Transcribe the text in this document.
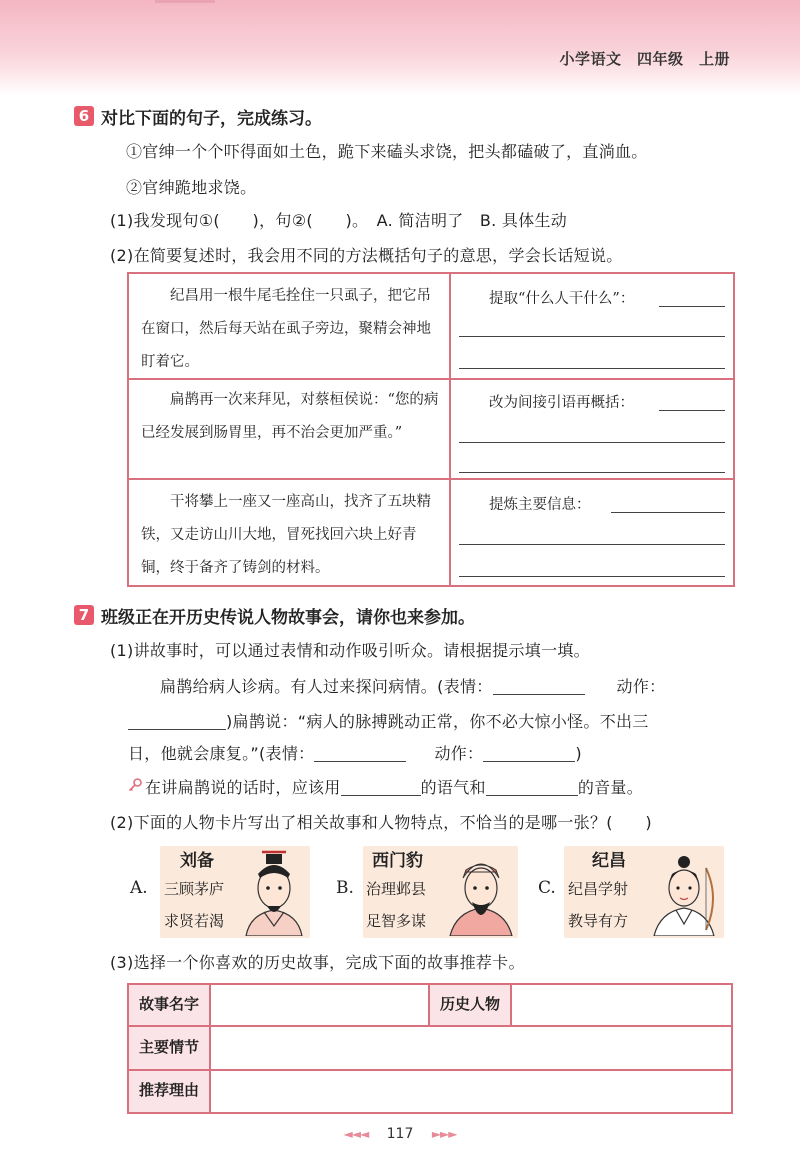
小学语文　四年级　上册
6 对比下面的句子，完成练习。
①官绅一个个吓得面如土色，跪下来磕头求饶，把头都磕破了，直淌血。
②官绅跪地求饶。
(1)我发现句①(　　)，句②(　　)。　A. 简洁明了　B. 具体生动
(2)在简要复述时，我会用不同的方法概括句子的意思，学会长话短说。
纪昌用一根牛尾毛拴住一只虱子，把它吊在窗口，然后每天站在虱子旁边，聚精会神地盯着它。
提取“什么人干什么”：
扁鹊再一次来拜见，对蔡桓侯说：“您的病已经发展到肠胃里，再不治会更加严重。”
改为间接引语再概括：
干将攀上一座又一座高山，找齐了五块精铁，又走访山川大地，冒死找回六块上好青铜，终于备齐了铸剑的材料。
提炼主要信息：
7 班级正在开历史传说人物故事会，请你也来参加。
(1)讲故事时，可以通过表情和动作吸引听众。请根据提示填一填。
扁鹊给病人诊病。有人过来探问病情。(表情：	动作：
)扁鹊说：“病人的脉搏跳动正常，你不必大惊小怪。不出三
日，他就会康复。”(表情：	动作：	)
在讲扁鹊说的话时，应该用	的语气和	的音量。
(2)下面的人物卡片写出了相关故事和人物特点，不恰当的是哪一张？(　　)
刘备
A. 三顾茅庐
求贤若渴
西门豹
B. 治理邺县
足智多谋
纪昌
C. 纪昌学射
教导有方
(3)选择一个你喜欢的历史故事，完成下面的故事推荐卡。
故事名字	历史人物
主要情节
推荐理由
◄◄◄ 117 ►►►
